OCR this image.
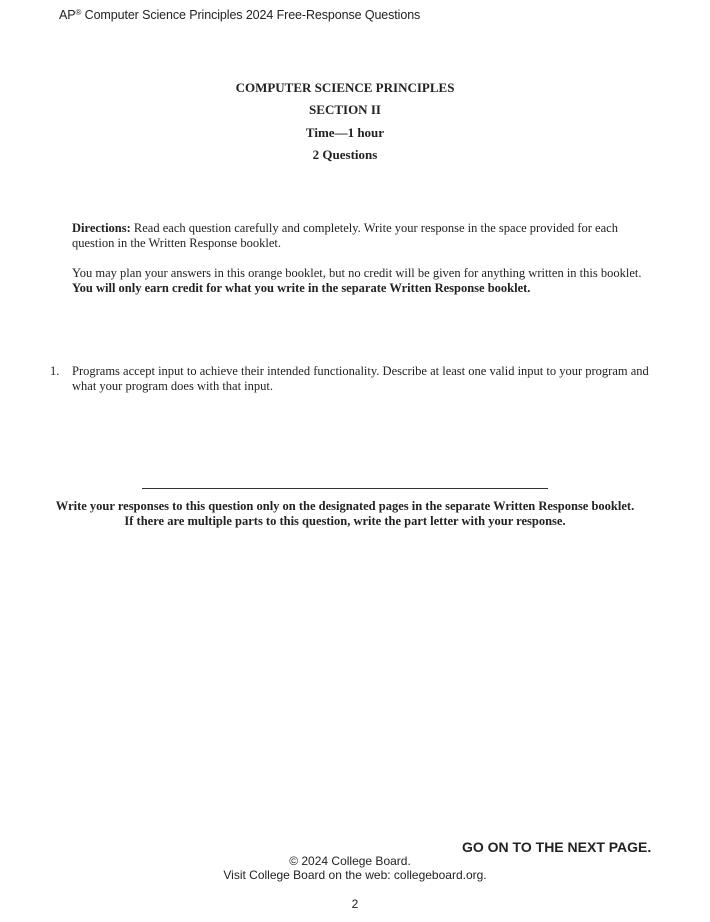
AP® Computer Science Principles 2024 Free-Response Questions
COMPUTER SCIENCE PRINCIPLES
SECTION II
Time—1 hour
2 Questions

Directions: Read each question carefully and completely. Write your response in the space provided for each question in the Written Response booklet.

You may plan your answers in this orange booklet, but no credit will be given for anything written in this booklet. You will only earn credit for what you write in the separate Written Response booklet.

1. Programs accept input to achieve their intended functionality. Describe at least one valid input to your program and what your program does with that input.
Write your responses to this question only on the designated pages in the separate Written Response booklet. If there are multiple parts to this question, write the part letter with your response.
GO ON TO THE NEXT PAGE.
© 2024 College Board.
Visit College Board on the web: collegeboard.org.
2
